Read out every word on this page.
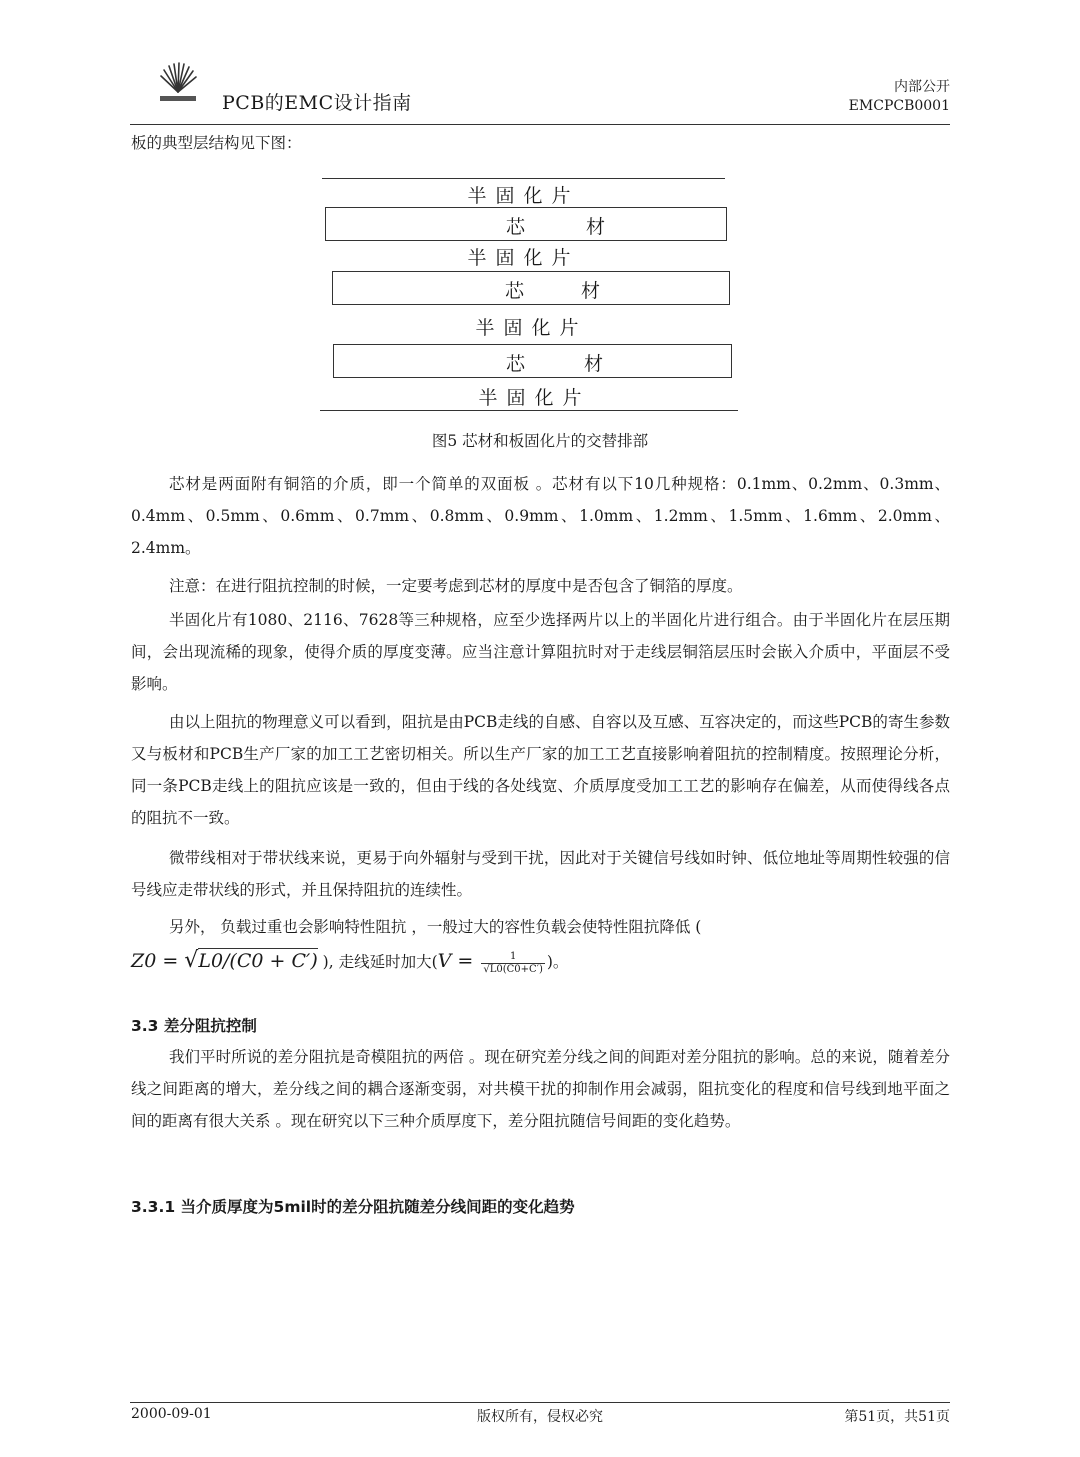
PCB的EMC设计指南
内部公开
EMCPCB0001
板的典型层结构见下图：
半固化片
芯	材
半固化片
芯	材
半固化片
芯	材
半固化片
图5 芯材和板固化片的交替排部

芯材是两面附有铜箔的介质，即一个简单的双面板 。芯材有以下10几种规格：0.1mm、0.2mm、0.3mm、0.4mm、0.5mm、0.6mm、0.7mm、0.8mm、0.9mm、1.0mm、1.2mm、1.5mm、1.6mm、2.0mm、2.4mm。

注意：在进行阻抗控制的时候，一定要考虑到芯材的厚度中是否包含了铜箔的厚度。

半固化片有1080、2116、7628等三种规格，应至少选择两片以上的半固化片进行组合。由于半固化片在层压期间，会出现流稀的现象，使得介质的厚度变薄。应当注意计算阻抗时对于走线层铜箔层压时会嵌入介质中，平面层不受影响。

由以上阻抗的物理意义可以看到，阻抗是由PCB走线的自感、自容以及互感、互容决定的，而这些PCB的寄生参数又与板材和PCB生产厂家的加工工艺密切相关。所以生产厂家的加工工艺直接影响着阻抗的控制精度。按照理论分析，同一条PCB走线上的阻抗应该是一致的，但由于线的各处线宽、介质厚度受加工工艺的影响存在偏差，从而使得线各点的阻抗不一致。

微带线相对于带状线来说，更易于向外辐射与受到干扰，因此对于关键信号线如时钟、低位地址等周期性较强的信号线应走带状线的形式，并且保持阻抗的连续性。

另外， 负载过重也会影响特性阻抗 ，一般过大的容性负载会使特性阻抗降低 (

Z0 = √L0/(C0 + C′) ), 走线延时加大($V = \frac{1}{√L0(C0+C')}$ )。
3.3 差分阻抗控制

我们平时所说的差分阻抗是奇模阻抗的两倍 。现在研究差分线之间的间距对差分阻抗的影响。总的来说，随着差分线之间距离的增大，差分线之间的耦合逐渐变弱，对共模干扰的抑制作用会减弱，阻抗变化的程度和信号线到地平面之间的距离有很大关系 。现在研究以下三种介质厚度下，差分阻抗随信号间距的变化趋势。

3.3.1 当介质厚度为5mil时的差分阻抗随差分线间距的变化趋势
2000-09-01	版权所有，侵权必究	第51页，共51页
